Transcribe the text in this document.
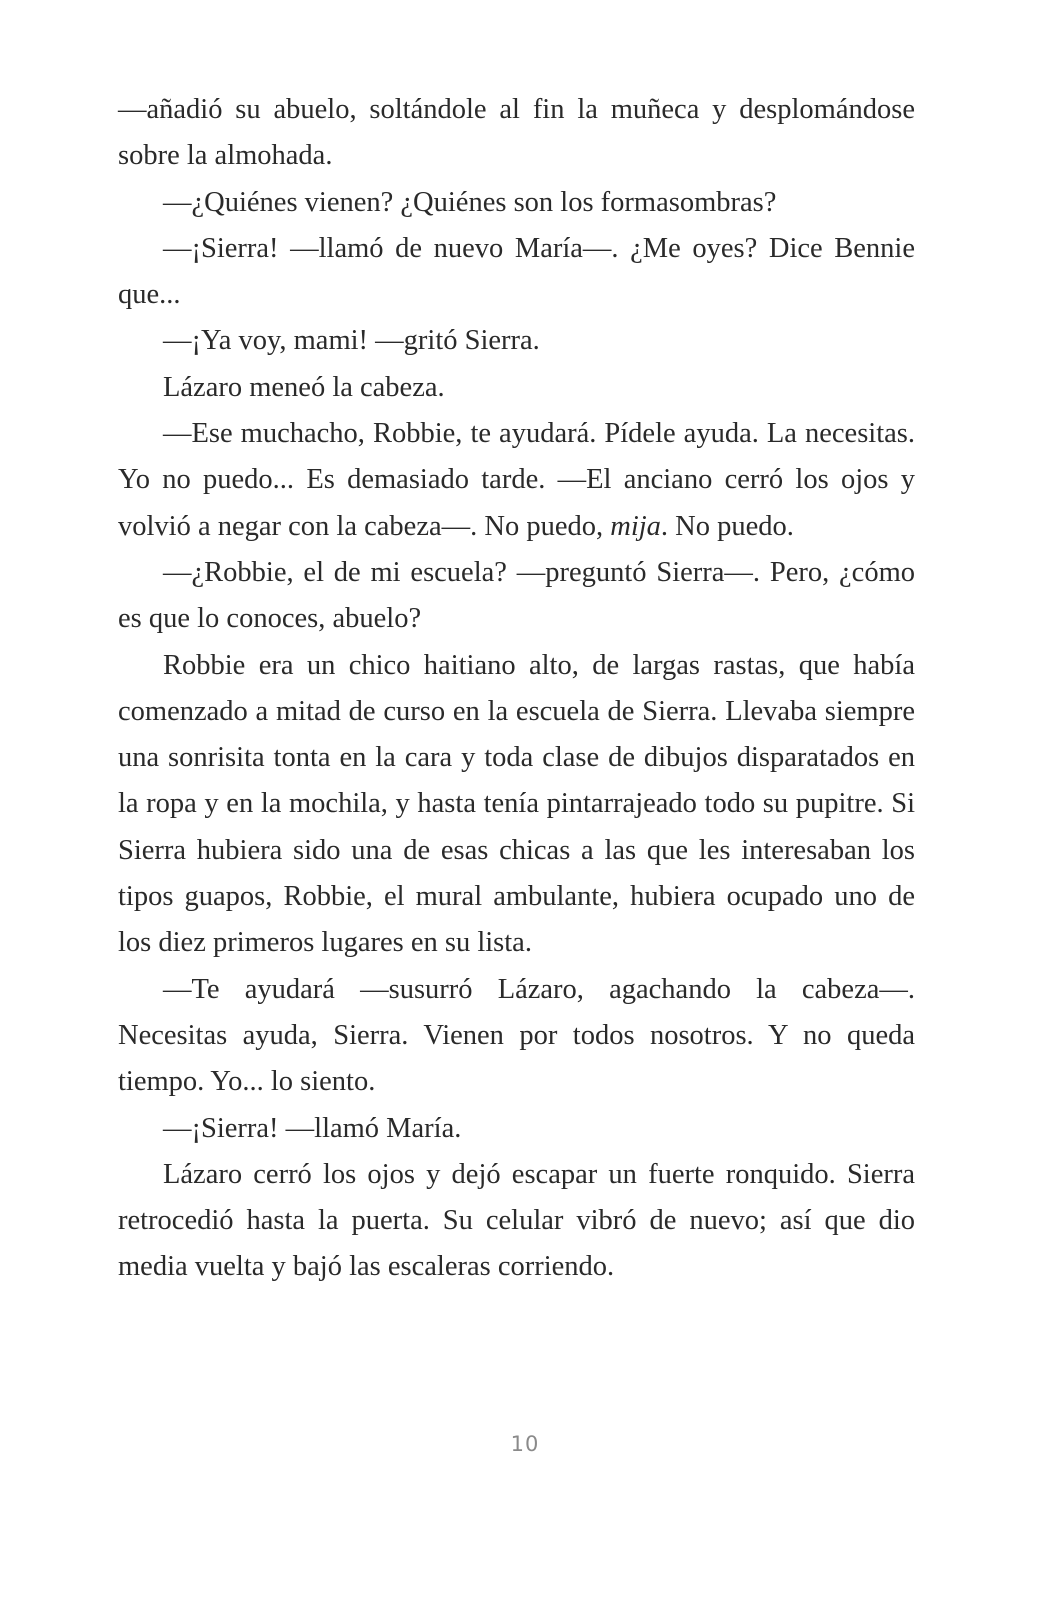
—añadió su abuelo, soltándole al fin la muñeca y desplomándose sobre la almohada.

—¿Quiénes vienen? ¿Quiénes son los formasombras?

—¡Sierra! —llamó de nuevo María—. ¿Me oyes? Dice Bennie que...

—¡Ya voy, mami! —gritó Sierra.

Lázaro meneó la cabeza.

—Ese muchacho, Robbie, te ayudará. Pídele ayuda. La necesitas. Yo no puedo... Es demasiado tarde. —El anciano cerró los ojos y volvió a negar con la cabeza—. No puedo, mija. No puedo.

—¿Robbie, el de mi escuela? —preguntó Sierra—. Pero, ¿cómo es que lo conoces, abuelo?

Robbie era un chico haitiano alto, de largas rastas, que había comenzado a mitad de curso en la escuela de Sierra. Llevaba siempre una sonrisita tonta en la cara y toda clase de dibujos disparatados en la ropa y en la mochila, y hasta tenía pintarrajeado todo su pupitre. Si Sierra hubiera sido una de esas chicas a las que les interesaban los tipos guapos, Robbie, el mural ambulante, hubiera ocupado uno de los diez primeros lugares en su lista.

—Te ayudará —susurró Lázaro, agachando la cabeza—. Necesitas ayuda, Sierra. Vienen por todos nosotros. Y no queda tiempo. Yo... lo siento.

—¡Sierra! —llamó María.

Lázaro cerró los ojos y dejó escapar un fuerte ronquido. Sierra retrocedió hasta la puerta. Su celular vibró de nuevo; así que dio media vuelta y bajó las escaleras corriendo.

10
